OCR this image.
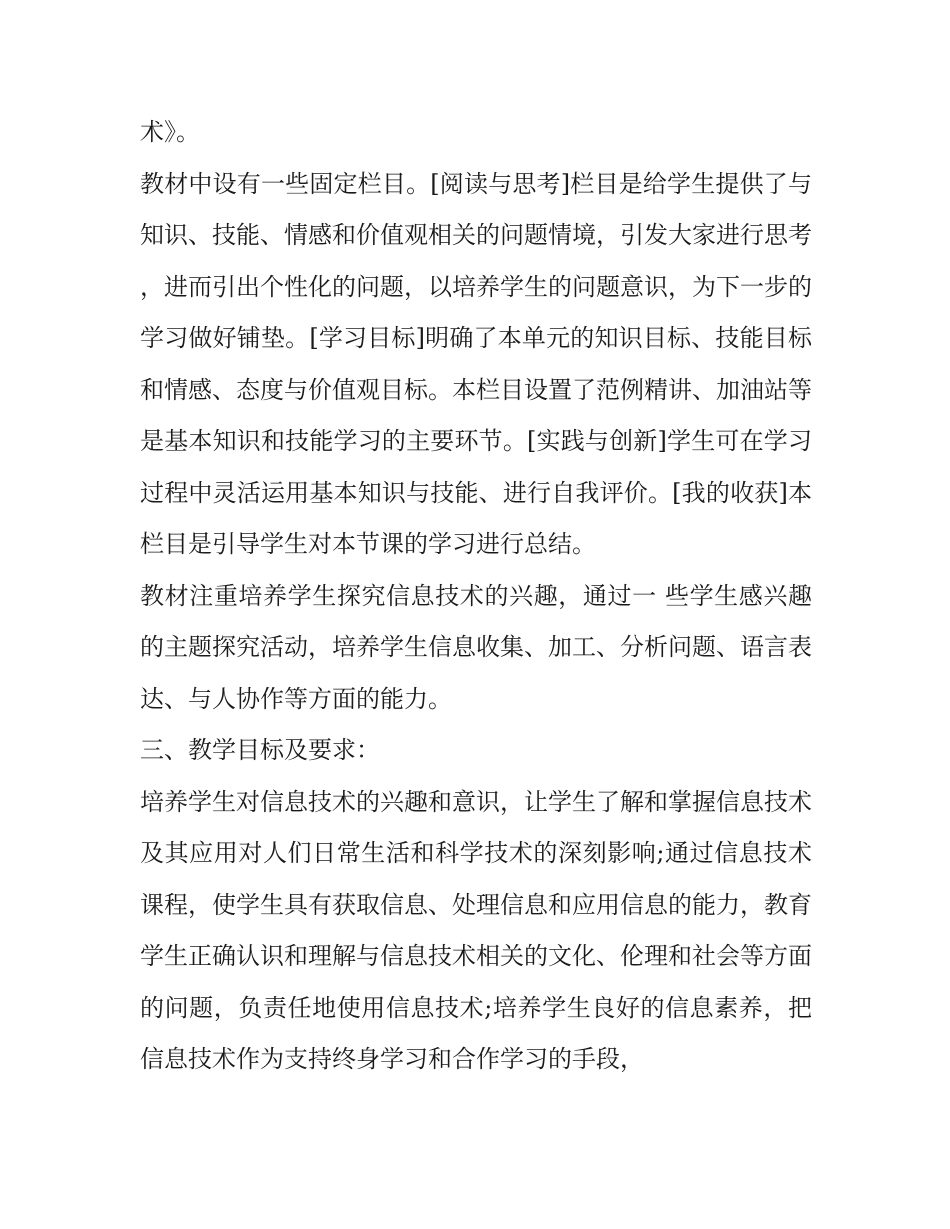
术》。

教材中设有一些固定栏目。[阅读与思考]栏目是给学生提供了与知识、技能、情感和价值观相关的问题情境，引发大家进行思考，进而引出个性化的问题，以培养学生的问题意识，为下一步的学习做好铺垫。[学习目标]明确了本单元的知识目标、技能目标和情感、态度与价值观目标。本栏目设置了范例精讲、加油站等是基本知识和技能学习的主要环节。[实践与创新]学生可在学习过程中灵活运用基本知识与技能、进行自我评价。[我的收获]本栏目是引导学生对本节课的学习进行总结。

教材注重培养学生探究信息技术的兴趣，通过一 些学生感兴趣的主题探究活动，培养学生信息收集、加工、分析问题、语言表达、与人协作等方面的能力。

三、教学目标及要求：

培养学生对信息技术的兴趣和意识，让学生了解和掌握信息技术及其应用对人们日常生活和科学技术的深刻影响;通过信息技术课程，使学生具有获取信息、处理信息和应用信息的能力，教育学生正确认识和理解与信息技术相关的文化、伦理和社会等方面的问题，负责任地使用信息技术;培养学生良好的信息素养，把信息技术作为支持终身学习和合作学习的手段，
